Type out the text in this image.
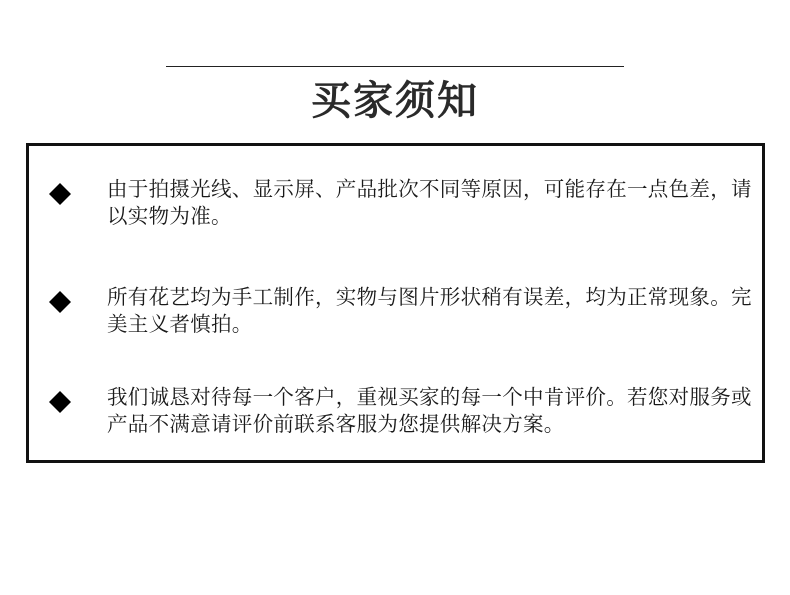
买家须知

由于拍摄光线、显示屏、产品批次不同等原因，可能存在一点色差，请以实物为准。

所有花艺均为手工制作，实物与图片形状稍有误差，均为正常现象。完美主义者慎拍。

我们诚恳对待每一个客户，重视买家的每一个中肯评价。若您对服务或产品不满意请评价前联系客服为您提供解决方案。
